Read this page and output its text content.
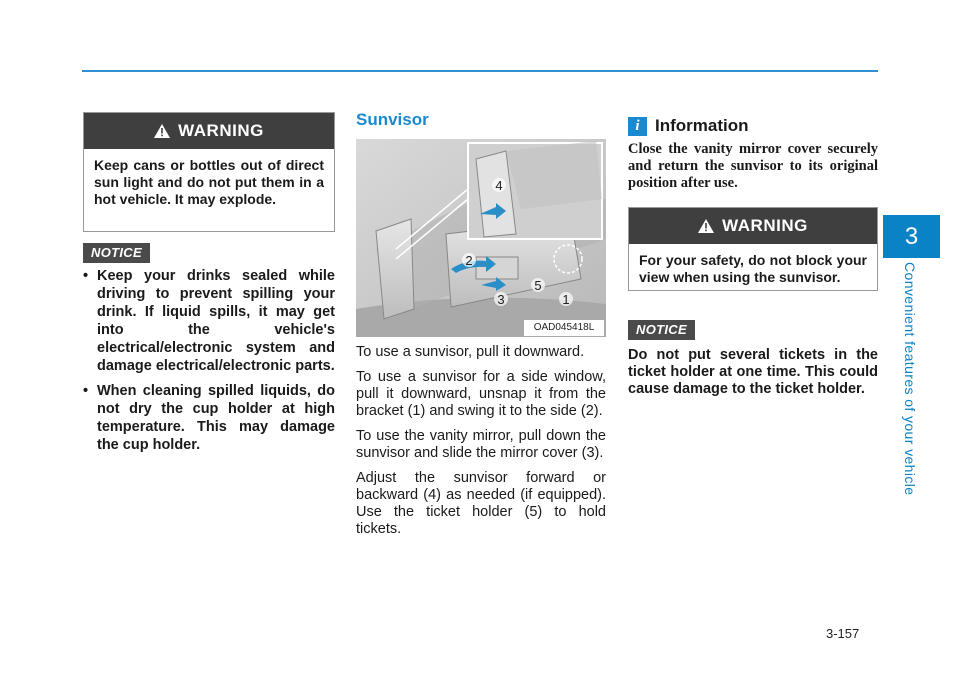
3
Convenient features of your vehicle
3-157
WARNING
Keep cans or bottles out of direct sun light and do not put them in a hot vehicle. It may explode.
NOTICE
• Keep your drinks sealed while driving to prevent spilling your drink. If liquid spills, it may get into the vehicle's electrical/electronic system and damage electrical/electronic parts.
• When cleaning spilled liquids, do not dry the cup holder at high temperature. This may damage the cup holder.
Sunvisor
1
2
3
4
5
OAD045418L

To use a sunvisor, pull it downward.

To use a sunvisor for a side window, pull it downward, unsnap it from the bracket (1) and swing it to the side (2).

To use the vanity mirror, pull down the sunvisor and slide the mirror cover (3).

Adjust the sunvisor forward or backward (4) as needed (if equipped). Use the ticket holder (5) to hold tickets.

i Information
Close the vanity mirror cover securely and return the sunvisor to its original position after use.
WARNING
For your safety, do not block your view when using the sunvisor.
NOTICE
Do not put several tickets in the ticket holder at one time. This could cause damage to the ticket holder.
